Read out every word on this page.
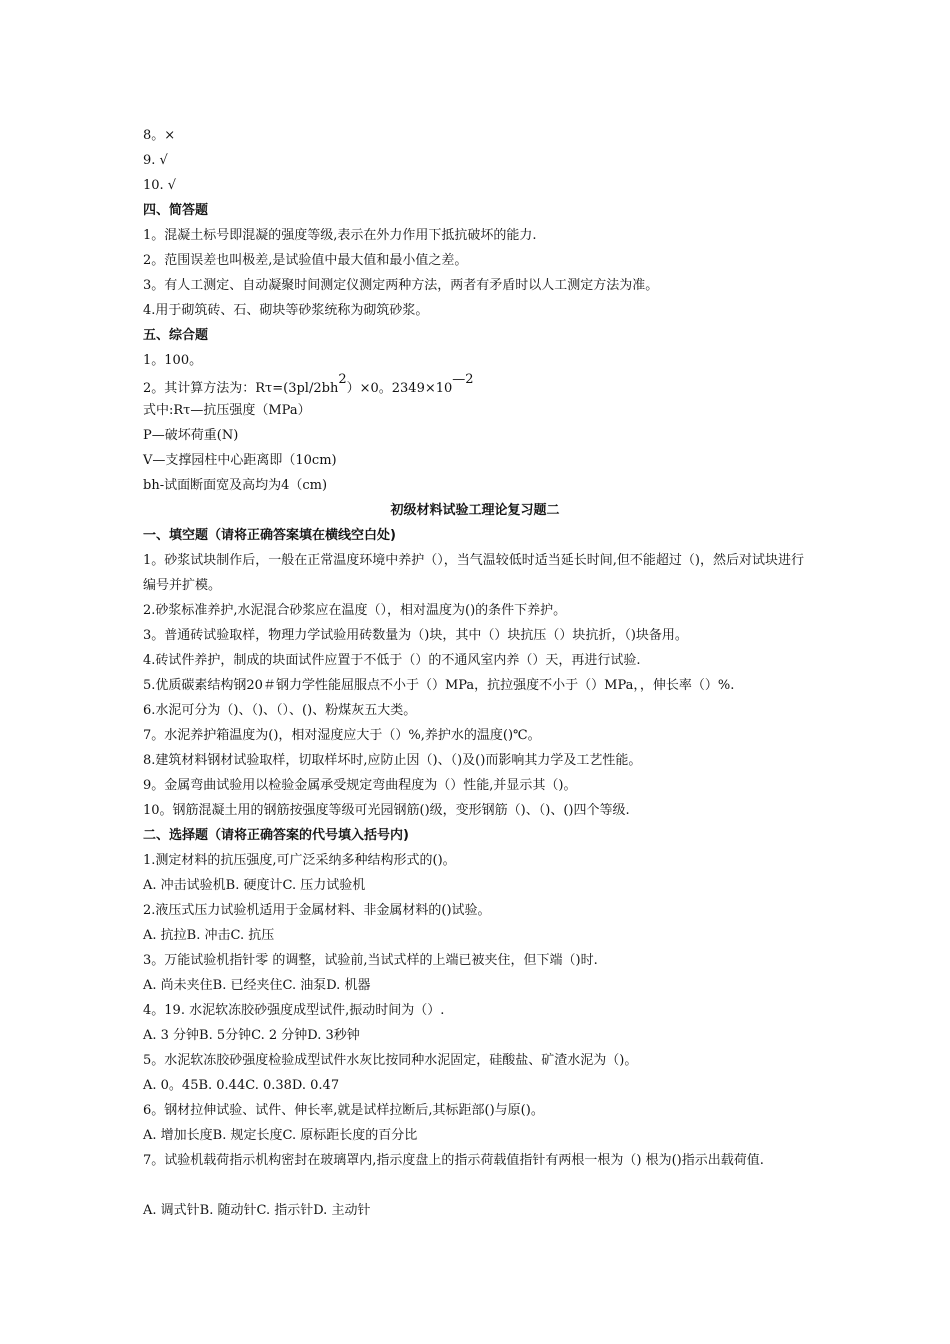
8。×
9. √
10. √
四、简答题
1。混凝土标号即混凝的强度等级,表示在外力作用下抵抗破坏的能力.
2。范围误差也叫极差,是试验值中最大值和最小值之差。
3。有人工测定、自动凝聚时间测定仪测定两种方法，两者有矛盾时以人工测定方法为准。
4.用于砌筑砖、石、砌块等砂浆统称为砌筑砂浆。
五、综合题
1。100。
2。其计算方法为：$R\tau=(3pl/2bh^2)\times 0$。$2349\times 10^{—2}$
式中:Rτ—抗压强度（MPa）
P—破坏荷重(N)
V—支撑园柱中心距离即（10cm)
bh-试面断面宽及高均为4（cm)
初级材料试验工理论复习题二
一、填空题（请将正确答案填在横线空白处)
1。砂浆试块制作后，一般在正常温度环境中养护（），当气温较低时适当延长时间,但不能超过（)，然后对试块进行编号并扩模。
2.砂浆标准养护,水泥混合砂浆应在温度（），相对温度为()的条件下养护。
3。普通砖试验取样，物理力学试验用砖数量为（)块，其中（）块抗压（）块抗折，（)块备用。
4.砖试件养护，制成的块面试件应置于不低于（）的不通风室内养（）天，再进行试验.
5.优质碳素结构钢20＃钢力学性能屈服点不小于（）MPa，抗拉强度不小于（）MPa，，伸长率（）%.
6.水泥可分为（)、（)、（）、()、粉煤灰五大类。
7。水泥养护箱温度为()，相对湿度应大于（）%,养护水的温度()℃。
8.建筑材料钢材试验取样，切取样坏时,应防止因（)、（)及()而影响其力学及工艺性能。
9。金属弯曲试验用以检验金属承受规定弯曲程度为（）性能,并显示其（)。
10。钢筋混凝土用的钢筋按强度等级可光园钢筋()级，变形钢筋（)、（)、()四个等级.
二、选择题（请将正确答案的代号填入括号内)
1.测定材料的抗压强度,可广泛采纳多种结构形式的()。
A. 冲击试验机B. 硬度计C. 压力试验机
2.液压式压力试验机适用于金属材料、非金属材料的()试验。
A. 抗拉B. 冲击C. 抗压
3。万能试验机指针零 的调整，试验前,当试式样的上端已被夹住，但下端（)时.
A. 尚未夹住B. 已经夹住C. 油泵D. 机器
4。19. 水泥软冻胶砂强度成型试件,振动时间为（）.
A. 3 分钟B. 5分钟C. 2 分钟D. 3秒钟
5。水泥软冻胶砂强度检验成型试件水灰比按同种水泥固定，硅酸盐、矿渣水泥为（)。
A. 0。45B. 0.44C. 0.38D. 0.47
6。钢材拉伸试验、试件、伸长率,就是试样拉断后,其标距部()与原()。
A. 增加长度B. 规定长度C. 原标距长度的百分比
7。试验机载荷指示机构密封在玻璃罩内,指示度盘上的指示荷载值指针有两根一根为（) 根为()指示出载荷值.
A. 调式针B. 随动针C. 指示针D. 主动针
